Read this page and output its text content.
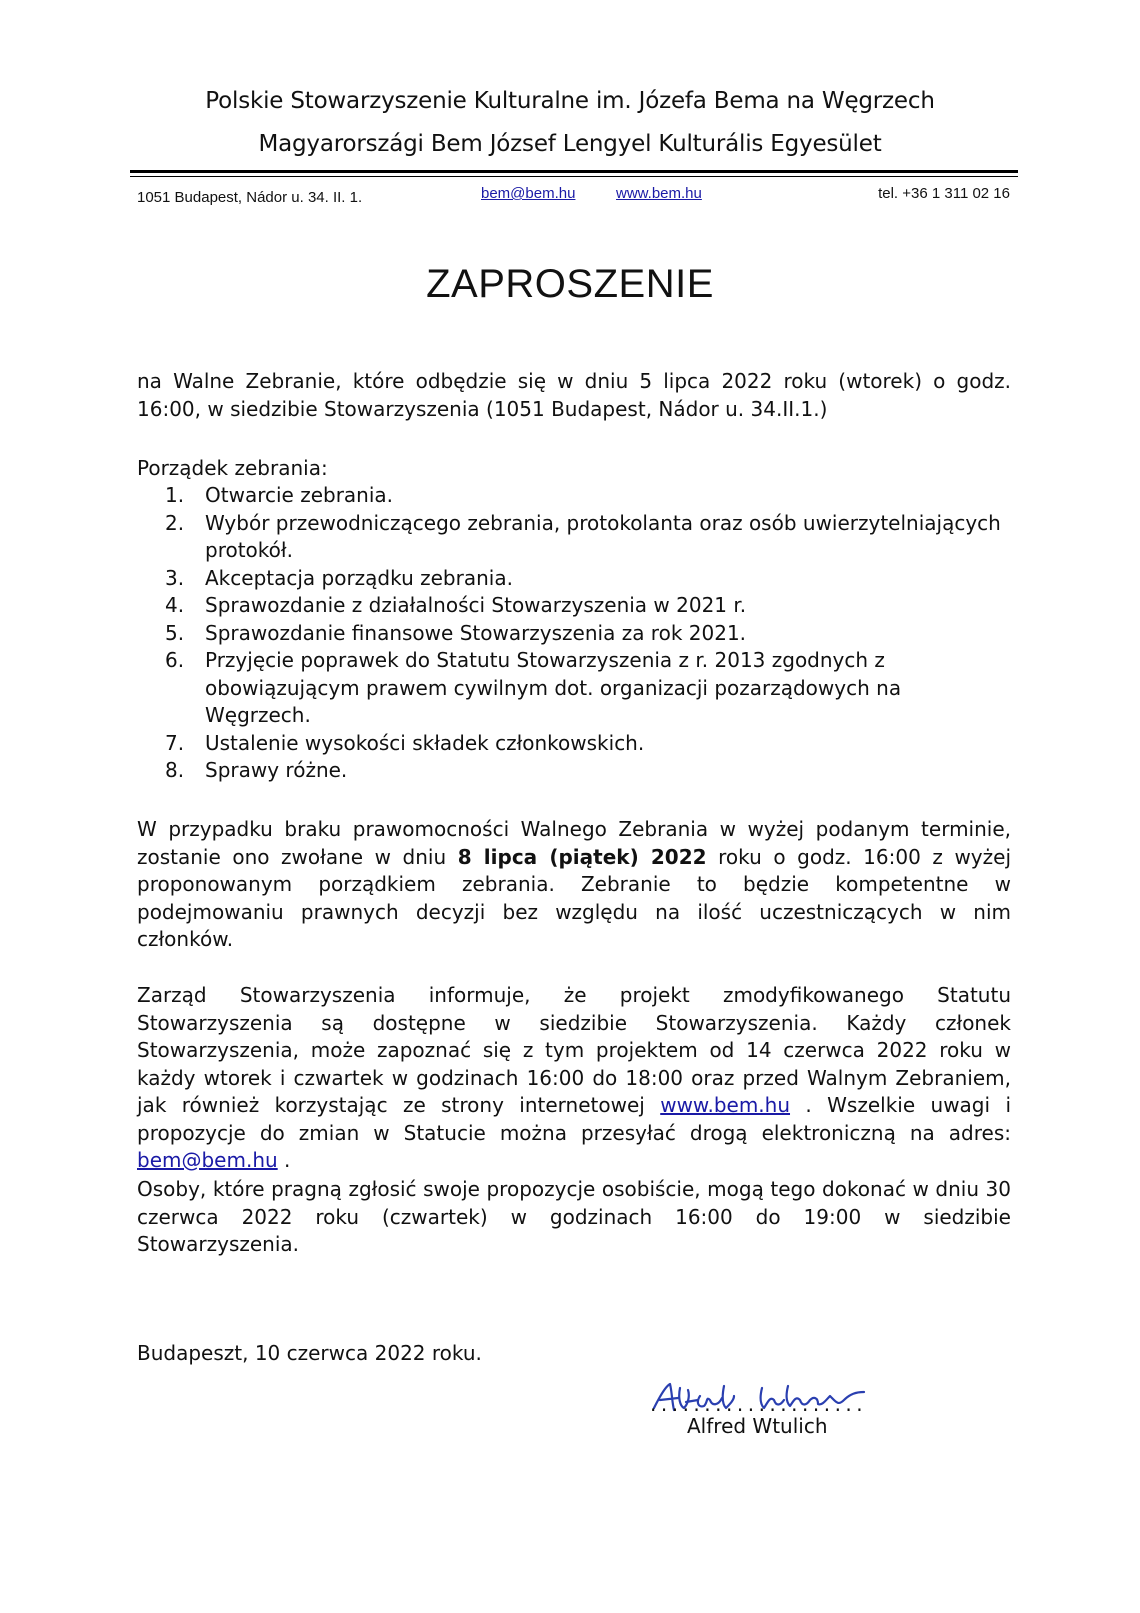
Polskie Stowarzyszenie Kulturalne im. Józefa Bema na Węgrzech
Magyarországi Bem József Lengyel Kulturális Egyesület
1051 Budapest, Nádor u. 34. II. 1.	bem@bem.hu	www.bem.hu	tel. +36 1 311 02 16
ZAPROSZENIE
na Walne Zebranie, które odbędzie się w dniu 5 lipca 2022 roku (wtorek) o godz. 16:00, w siedzibie Stowarzyszenia (1051 Budapest, Nádor u. 34.II.1.)
Porządek zebrania:
1. Otwarcie zebrania.
2. Wybór przewodniczącego zebrania, protokolanta oraz osób uwierzytelniających protokół.
3. Akceptacja porządku zebrania.
4. Sprawozdanie z działalności Stowarzyszenia w 2021 r.
5. Sprawozdanie finansowe Stowarzyszenia za rok 2021.
6. Przyjęcie poprawek do Statutu Stowarzyszenia z r. 2013 zgodnych z obowiązującym prawem cywilnym dot. organizacji pozarządowych na Węgrzech.
7. Ustalenie wysokości składek członkowskich.
8. Sprawy różne.
W przypadku braku prawomocności Walnego Zebrania w wyżej podanym terminie, zostanie ono zwołane w dniu 8 lipca (piątek) 2022 roku o godz. 16:00 z wyżej proponowanym porządkiem zebrania. Zebranie to będzie kompetentne w podejmowaniu prawnych decyzji bez względu na ilość uczestniczących w nim członków.
Zarząd Stowarzyszenia informuje, że projekt zmodyfikowanego Statutu Stowarzyszenia są dostępne w siedzibie Stowarzyszenia. Każdy członek Stowarzyszenia, może zapoznać się z tym projektem od 14 czerwca 2022 roku w każdy wtorek i czwartek w godzinach 16:00 do 18:00 oraz przed Walnym Zebraniem, jak również korzystając ze strony internetowej www.bem.hu . Wszelkie uwagi i propozycje do zmian w Statucie można przesyłać drogą elektroniczną na adres: bem@bem.hu .
Osoby, które pragną zgłosić swoje propozycje osobiście, mogą tego dokonać w dniu 30 czerwca 2022 roku (czwartek) w godzinach 16:00 do 19:00 w siedzibie Stowarzyszenia.
Budapeszt, 10 czerwca 2022 roku.
....................
Alfred Wtulich
